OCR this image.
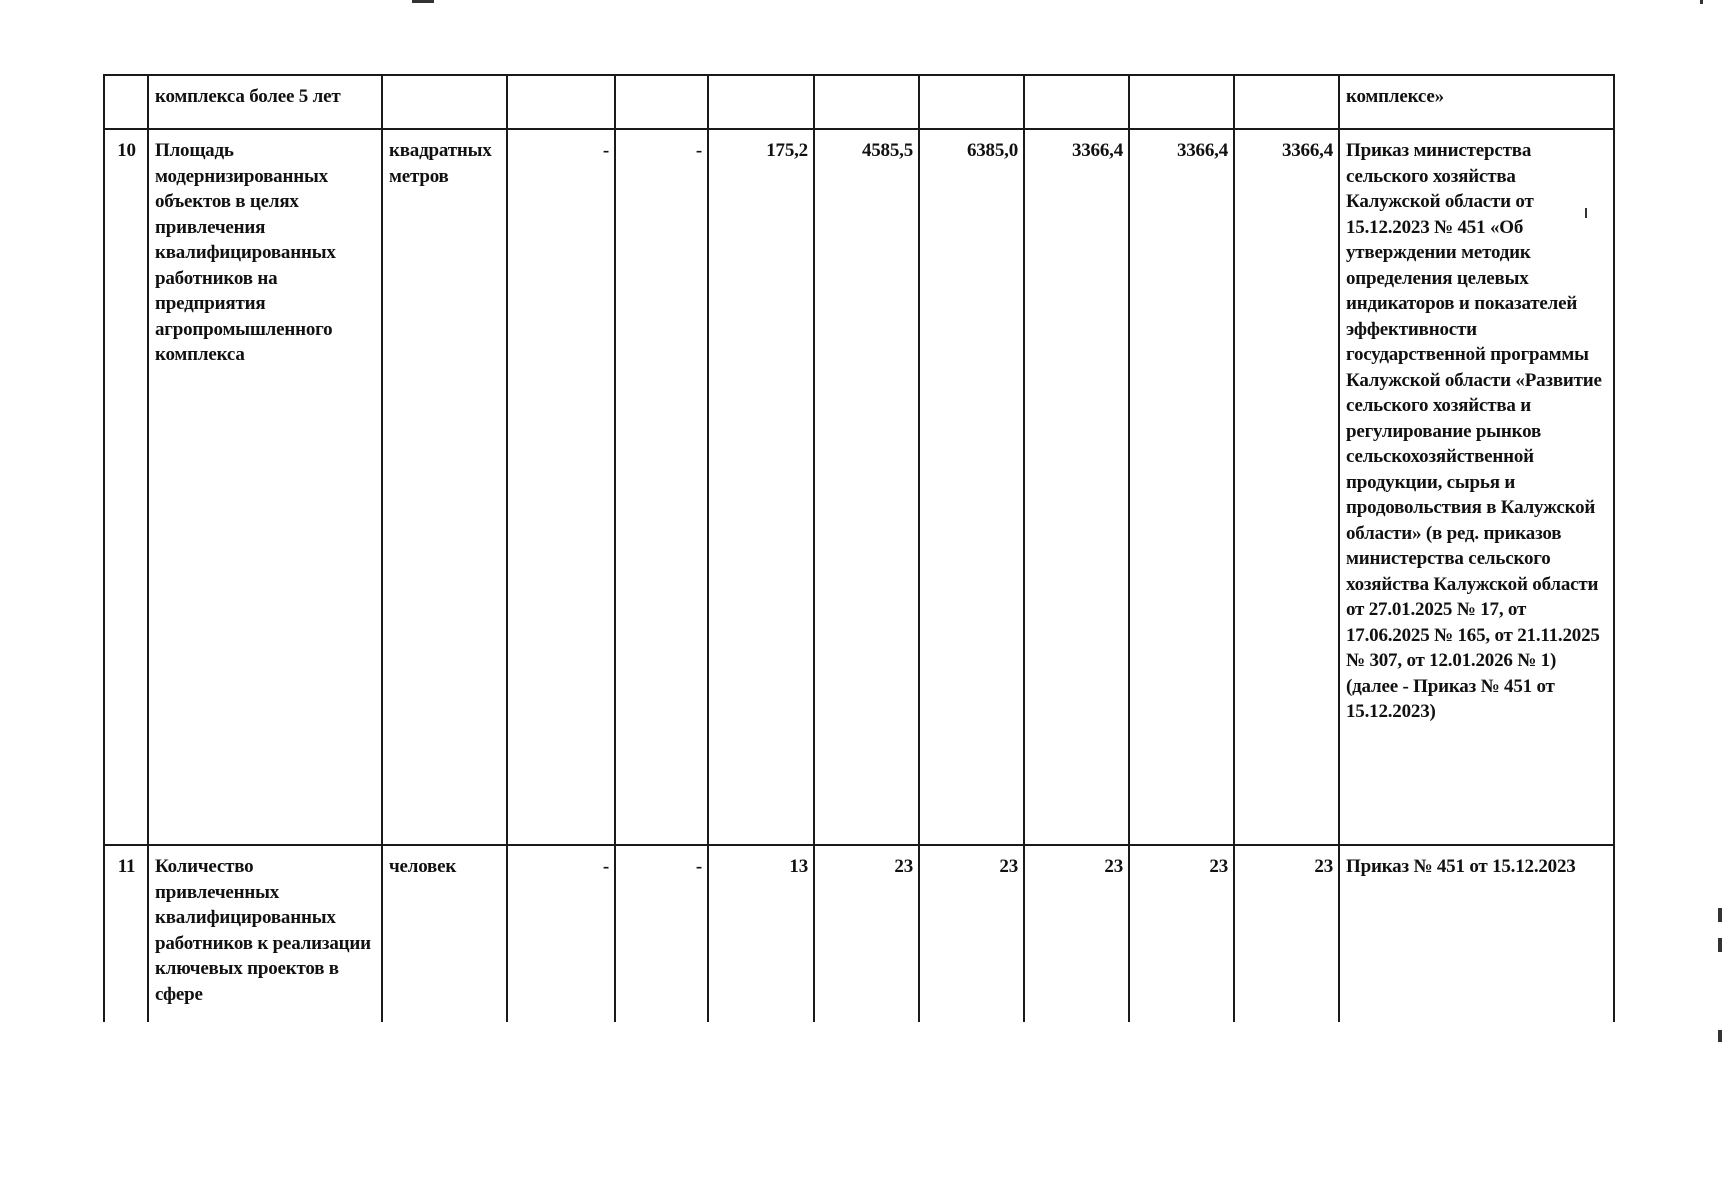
	комплекса более 5 лет										комплексе»
10	Площадь модернизированных объектов в целях привлечения квалифицированных работников на предприятия агропромышленного комплекса	квадратных метров	-	-	175,2	4585,5	6385,0	3366,4	3366,4	3366,4	Приказ министерства сельского хозяйства Калужской области от 15.12.2023 № 451 «Об утверждении методик определения целевых индикаторов и показателей эффективности государственной программы Калужской области «Развитие сельского хозяйства и регулирование рынков сельскохозяйственной продукции, сырья и продовольствия в Калужской области» (в ред. приказов министерства сельского хозяйства Калужской области от 27.01.2025 № 17, от 17.06.2025 № 165, от 21.11.2025 № 307, от 12.01.2026 № 1) (далее - Приказ № 451 от 15.12.2023)
11	Количество привлеченных квалифицированных работников к реализации ключевых проектов в сфере	человек	-	-	13	23	23	23	23	23	Приказ № 451 от 15.12.2023
